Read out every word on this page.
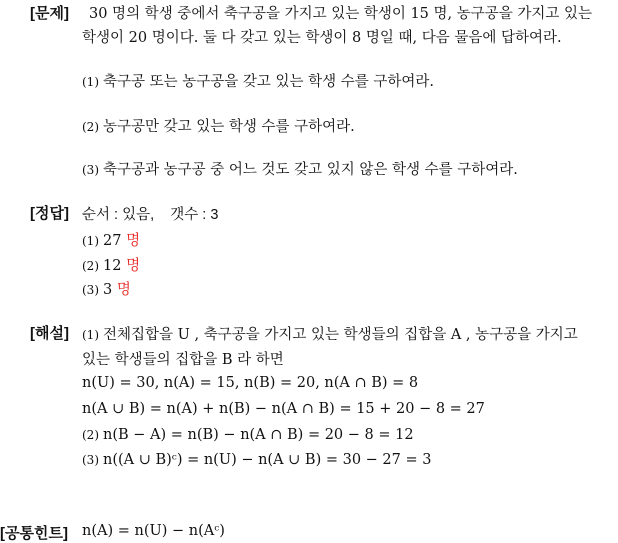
[문제] 30 명의 학생 중에서 축구공을 가지고 있는 학생이 15 명, 농구공을 가지고 있는
학생이 20 명이다. 둘 다 갖고 있는 학생이 8 명일 때, 다음 물음에 답하여라.
(1) 축구공 또는 농구공을 갖고 있는 학생 수를 구하여라.
(2) 농구공만 갖고 있는 학생 수를 구하여라.
(3) 축구공과 농구공 중 어느 것도 갖고 있지 않은 학생 수를 구하여라.
[정답] 순서 : 있음,    갯수 : 3
(1) 27 명
(2) 12 명
(3) 3 명
[해설] (1) 전체집합을 U , 축구공을 가지고 있는 학생들의 집합을 A , 농구공을 가지고
있는 학생들의 집합을 B 라 하면
n(U) = 30, n(A) = 15, n(B) = 20, n(A ∩ B) = 8
n(A ∪ B) = n(A) + n(B) − n(A ∩ B) = 15 + 20 − 8 = 27
(2) n(B − A) = n(B) − n(A ∩ B) = 20 − 8 = 12
(3) n((A ∪ B)ᶜ) = n(U) − n(A ∪ B) = 30 − 27 = 3
[공통힌트] n(A) = n(U) − n(Aᶜ)
